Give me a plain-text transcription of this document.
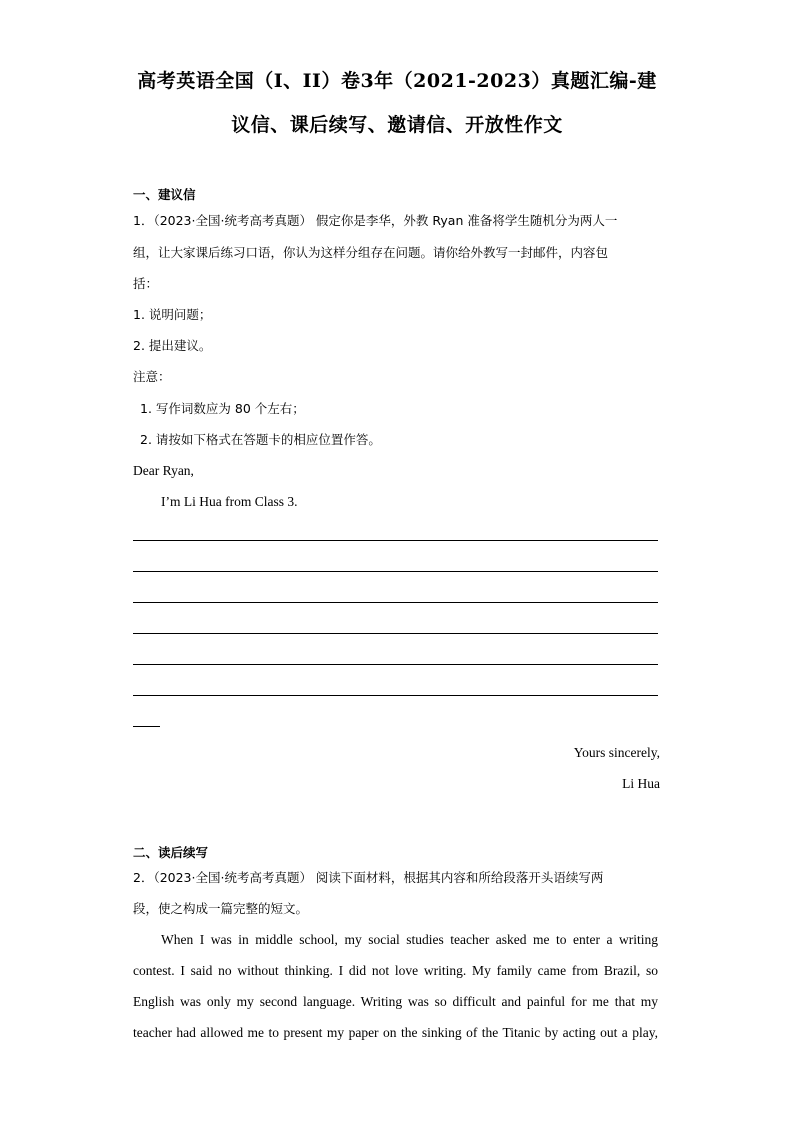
高考英语全国（I、II）卷3年（2021-2023）真题汇编-建
议信、课后续写、邀请信、开放性作文
一、建议信
1．（2023·全国·统考高考真题） 假定你是李华，外教 Ryan 准备将学生随机分为两人一
组，让大家课后练习口语，你认为这样分组存在问题。请你给外教写一封邮件，内容包
括：
1. 说明问题；
2. 提出建议。
注意：
1. 写作词数应为 80 个左右；
2. 请按如下格式在答题卡的相应位置作答。
Dear Ryan,
I’m Li Hua from Class 3.
Yours sincerely,
Li Hua
二、读后续写
2．（2023·全国·统考高考真题） 阅读下面材料，根据其内容和所给段落开头语续写两
段，使之构成一篇完整的短文。
When I was in middle school, my social studies teacher asked me to enter a writing
contest. I said no without thinking. I did not love writing. My family came from Brazil, so
English was only my second language. Writing was so difficult and painful for me that my
teacher had allowed me to present my paper on the sinking of the Titanic by acting out a play,
